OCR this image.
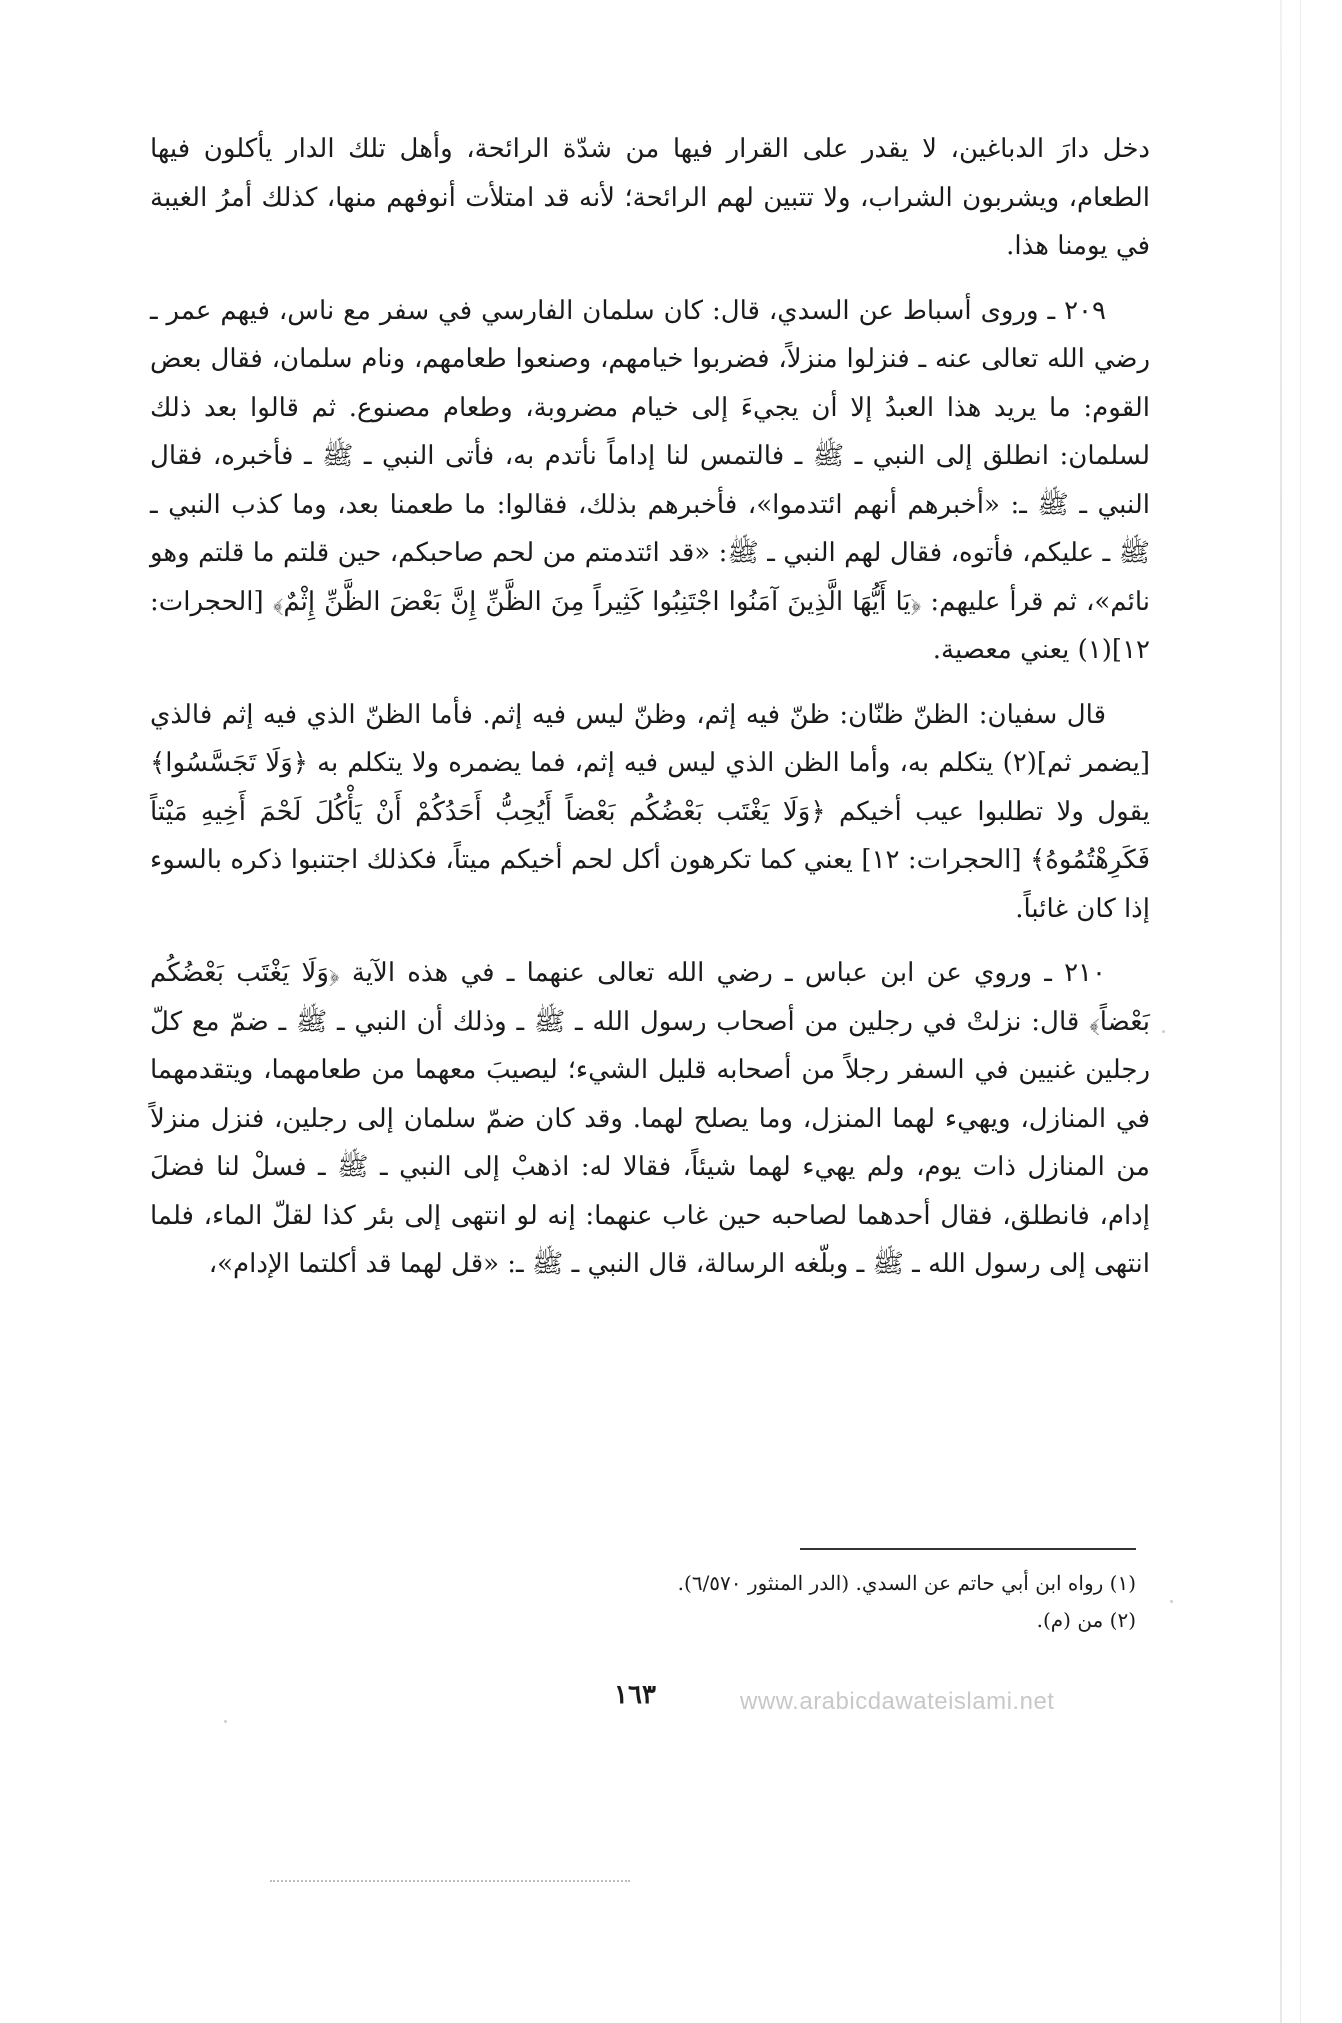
دخل دارَ الدباغين، لا يقدر على القرار فيها من شدّة الرائحة، وأهل تلك الدار يأكلون فيها الطعام، ويشربون الشراب، ولا تتبين لهم الرائحة؛ لأنه قد امتلأت أنوفهم منها، كذلك أمرُ الغيبة في يومنا هذا.

٢٠٩ ـ وروى أسباط عن السدي، قال: كان سلمان الفارسي في سفر مع ناس، فيهم عمر ـ رضي الله تعالى عنه ـ فنزلوا منزلاً، فضربوا خيامهم، وصنعوا طعامهم، ونام سلمان، فقال بعض القوم: ما يريد هذا العبدُ إلا أن يجيءَ إلى خيام مضروبة، وطعام مصنوع. ثم قالوا بعد ذلك لسلمان: انطلق إلى النبي ـ ﷺ ـ فالتمس لنا إداماً نأتدم به، فأتى النبي ـ ﷺ ـ فأخبره، فقال النبي ـ ﷺ ـ: «أخبرهم أنهم ائتدموا»، فأخبرهم بذلك، فقالوا: ما طعمنا بعد، وما كذب النبي ـ ﷺ ـ عليكم، فأتوه، فقال لهم النبي ـ ﷺ: «قد ائتدمتم من لحم صاحبكم، حين قلتم ما قلتم وهو نائم»، ثم قرأ عليهم: ﴿يَا أَيُّهَا الَّذِينَ آمَنُوا اجْتَنِبُوا كَثِيراً مِنَ الظَّنِّ إِنَّ بَعْضَ الظَّنِّ إِثْمٌ﴾ [الحجرات: ١٢](١) يعني معصية.

قال سفيان: الظنّ ظنّان: ظنّ فيه إثم، وظنّ ليس فيه إثم. فأما الظنّ الذي فيه إثم فالذي [يضمر ثم](٢) يتكلم به، وأما الظن الذي ليس فيه إثم، فما يضمره ولا يتكلم به ﴿وَلَا تَجَسَّسُوا﴾ يقول ولا تطلبوا عيب أخيكم ﴿وَلَا يَغْتَب بَعْضُكُم بَعْضاً أَيُحِبُّ أَحَدُكُمْ أَنْ يَأْكُلَ لَحْمَ أَخِيهِ مَيْتاً فَكَرِهْتُمُوهُ﴾ [الحجرات: ١٢] يعني كما تكرهون أكل لحم أخيكم ميتاً، فكذلك اجتنبوا ذكره بالسوء إذا كان غائباً.

٢١٠ ـ وروي عن ابن عباس ـ رضي الله تعالى عنهما ـ في هذه الآية ﴿وَلَا يَغْتَب بَعْضُكُم بَعْضاً﴾ قال: نزلتْ في رجلين من أصحاب رسول الله ـ ﷺ ـ وذلك أن النبي ـ ﷺ ـ ضمّ مع كلّ رجلين غنيين في السفر رجلاً من أصحابه قليل الشيء؛ ليصيبَ معهما من طعامهما، ويتقدمهما في المنازل، ويهيء لهما المنزل، وما يصلح لهما. وقد كان ضمّ سلمان إلى رجلين، فنزل منزلاً من المنازل ذات يوم، ولم يهيء لهما شيئاً، فقالا له: اذهبْ إلى النبي ـ ﷺ ـ فسلْ لنا فضلَ إدام، فانطلق، فقال أحدهما لصاحبه حين غاب عنهما: إنه لو انتهى إلى بئر كذا لقلّ الماء، فلما انتهى إلى رسول الله ـ ﷺ ـ وبلّغه الرسالة، قال النبي ـ ﷺ ـ: «قل لهما قد أكلتما الإدام»،

(١) رواه ابن أبي حاتم عن السدي. (الدر المنثور ٦/٥٧٠).

(٢) من (م).

١٦٣	www.arabicdawateislami.net
